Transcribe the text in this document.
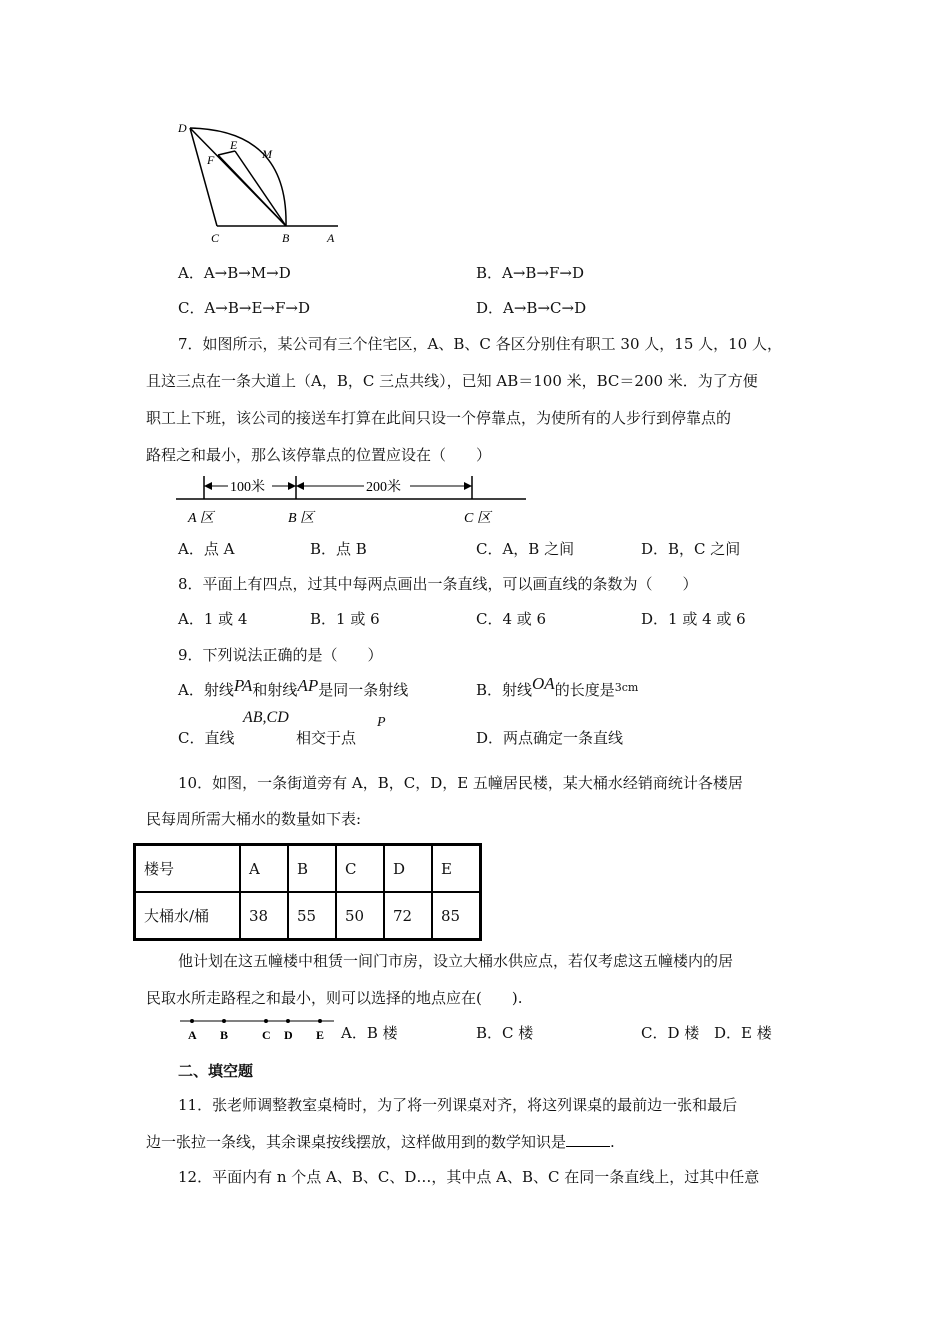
D
F
E
M
C	B	A
A．A→B→M→D	B．A→B→F→D
C．A→B→E→F→D	D．A→B→C→D
7．如图所示，某公司有三个住宅区，A、B、C 各区分别住有职工 30 人，15 人，10 人，
且这三点在一条大道上（A，B，C 三点共线），已知 AB＝100 米，BC＝200 米．为了方便
职工上下班，该公司的接送车打算在此间只设一个停靠点，为使所有的人步行到停靠点的
路程之和最小，那么该停靠点的位置应设在（　　）
100米	200米
A 区	B 区	C 区
A．点 A	B．点 B	C．A，B 之间	D．B，C 之间
8．平面上有四点，过其中每两点画出一条直线，可以画直线的条数为（　　）
A．1 或 4	B．1 或 6	C．4 或 6	D．1 或 4 或 6
9．下列说法正确的是（　　）
A．射线PA和射线AP是同一条射线	B．射线OA的长度是$^{3cm}$
C．直线
AB,CD
相交于点
P
D．两点确定一条直线
10．如图，一条街道旁有 A，B，C，D，E 五幢居民楼，某大桶水经销商统计各楼居
民每周所需大桶水的数量如下表:
楼号	A	B	C	D	E
大桶水/桶	38	55	50	72	85
他计划在这五幢楼中租赁一间门市房，设立大桶水供应点，若仅考虑这五幢楼内的居
民取水所走路程之和最小，则可以选择的地点应在(　　).
A B	C D E A．B 楼	B．C 楼	C．D 楼 D．E 楼
二、填空题
11．张老师调整教室桌椅时，为了将一列课桌对齐，将这列课桌的最前边一张和最后
边一张拉一条线，其余课桌按线摆放，这样做用到的数学知识是	.
12．平面内有 n 个点 A、B、C、D…，其中点 A、B、C 在同一条直线上，过其中任意
